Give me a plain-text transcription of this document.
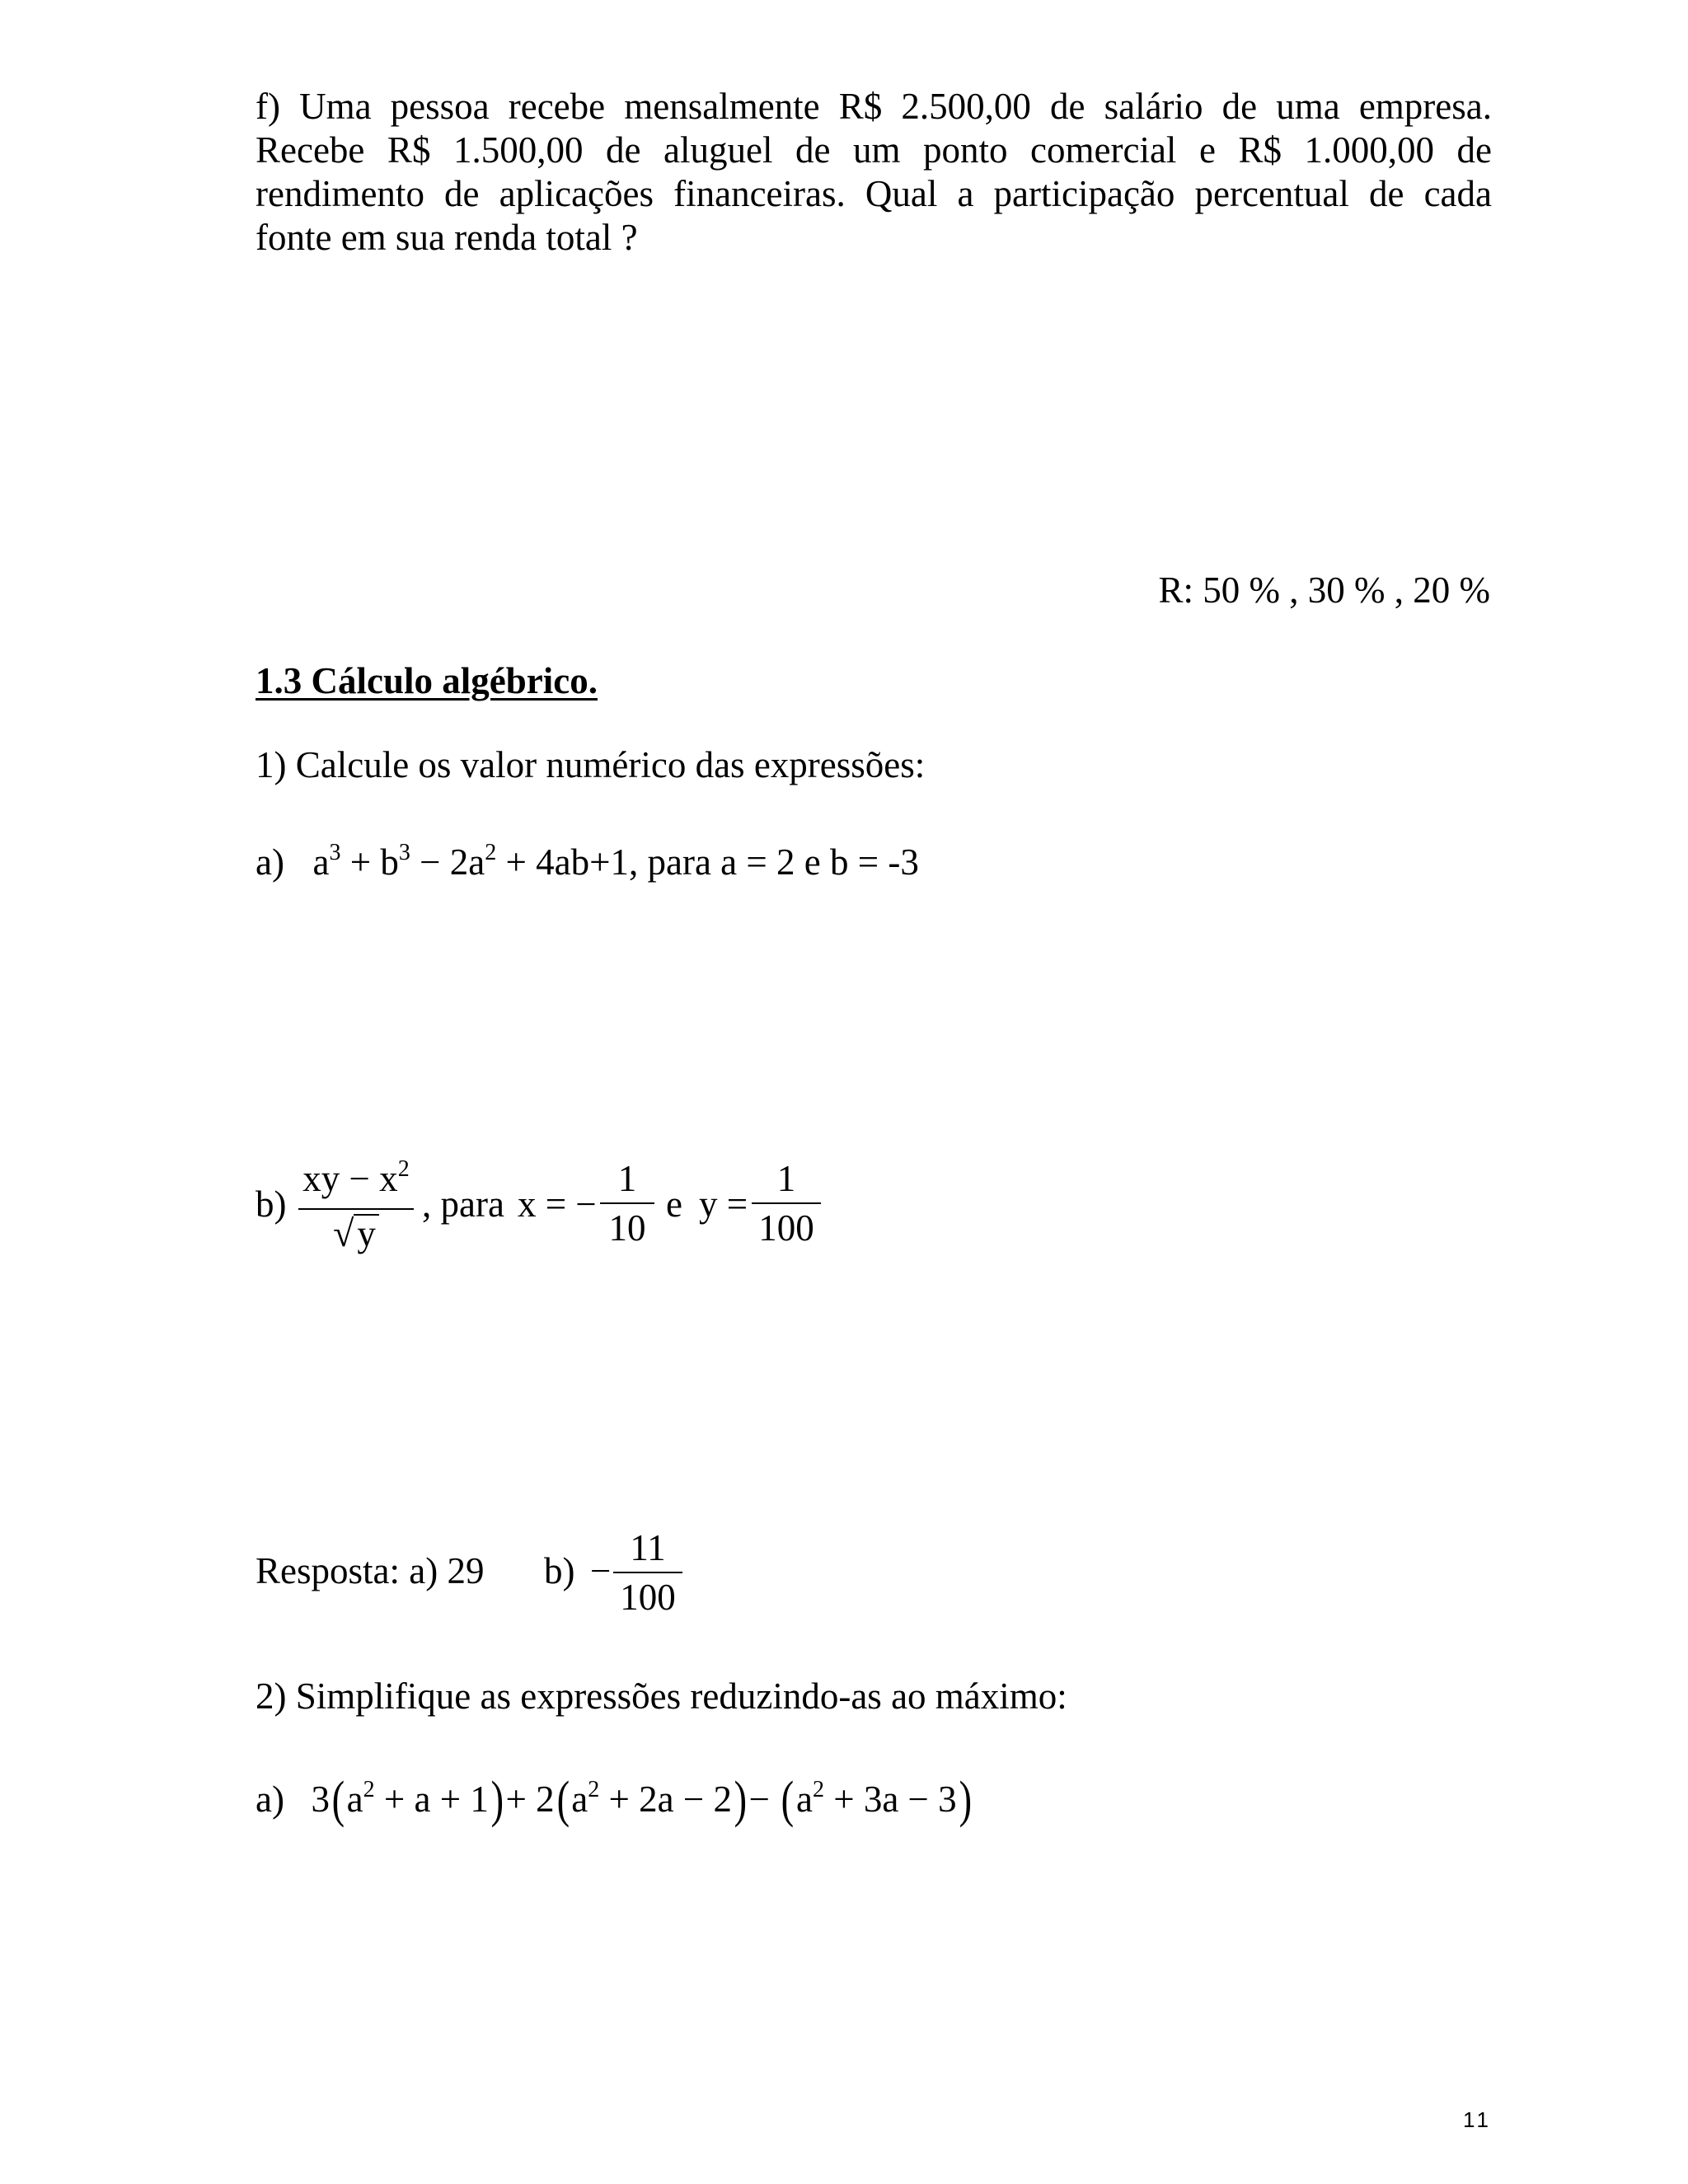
f) Uma pessoa recebe mensalmente R$ 2.500,00 de salário de uma empresa.
Recebe R$ 1.500,00 de aluguel de um ponto comercial e R$ 1.000,00 de
rendimento de aplicações financeiras. Qual a participação percentual de cada
fonte em sua renda total ?
R: 50 % , 30 % , 20 %
1.3 Cálculo algébrico.
1) Calcule os valor numérico das expressões:
a) $a^3 + b^3 - 2a^2 + 4ab+1$, para a = 2 e b = -3
b)
xy − $x^2$
√y
, para x = −
1
10
e y =
1
100
Resposta: a) 29 b) −
11
100
2) Simplifique as expressões reduzindo-as ao máximo:
a) $3(a^2 + a + 1)+ 2(a^2 + 2a - 2)- (a^2 + 3a - 3)$
11
